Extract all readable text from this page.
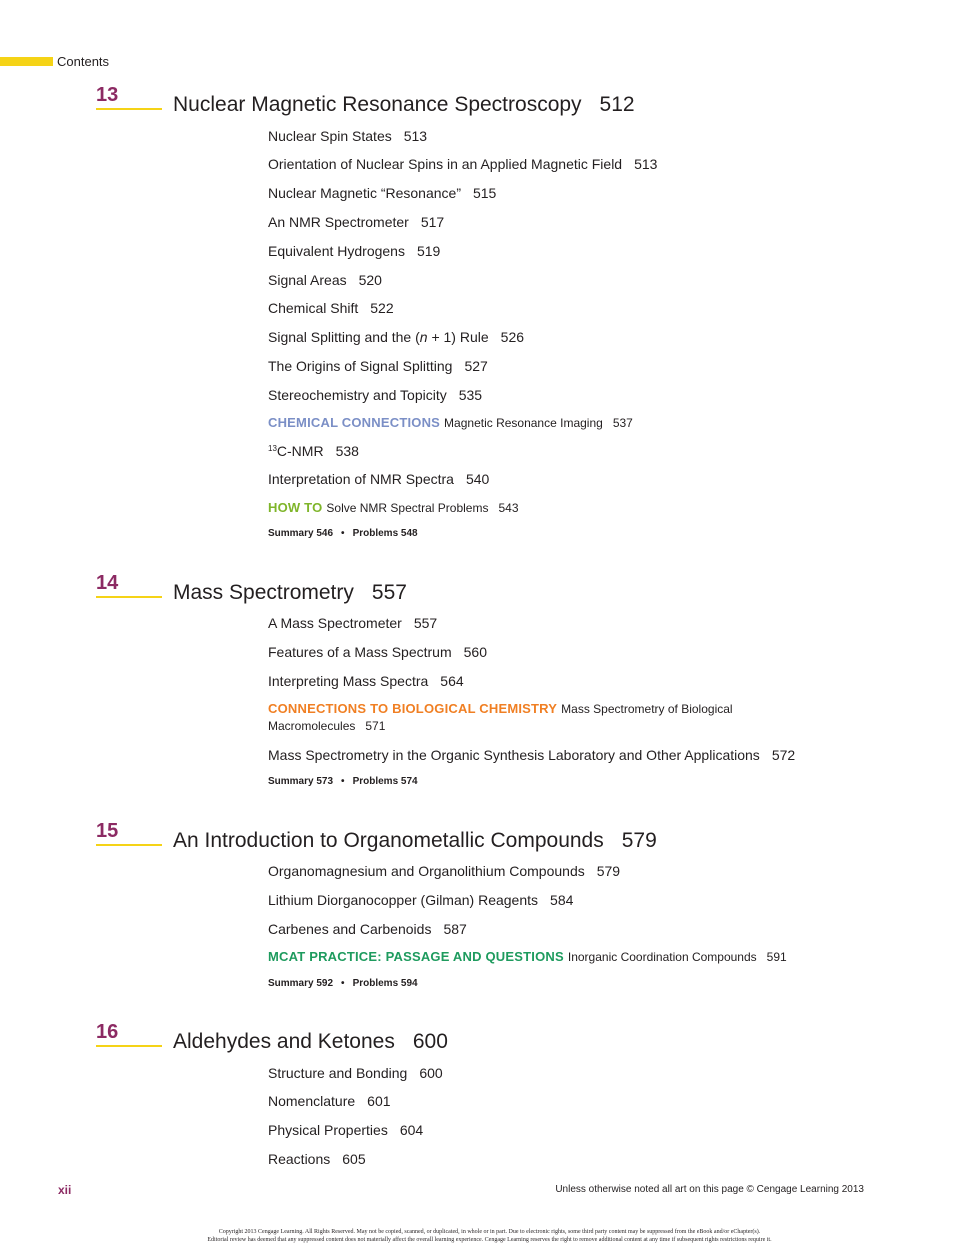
Contents
13	Nuclear Magnetic Resonance Spectroscopy 512
Nuclear Spin States 513
Orientation of Nuclear Spins in an Applied Magnetic Field 513
Nuclear Magnetic “Resonance” 515
An NMR Spectrometer 517
Equivalent Hydrogens 519
Signal Areas 520
Chemical Shift 522
Signal Splitting and the (n + 1) Rule 526
The Origins of Signal Splitting 527
Stereochemistry and Topicity 535
CHEMICAL CONNECTIONS Magnetic Resonance Imaging 537
$^{13}$C-NMR 538
Interpretation of NMR Spectra 540
HOW TO Solve NMR Spectral Problems 543
Summary 546 • Problems 548
14	Mass Spectrometry 557
A Mass Spectrometer 557
Features of a Mass Spectrum 560
Interpreting Mass Spectra 564
CONNECTIONS TO BIOLOGICAL CHEMISTRY Mass Spectrometry of Biological
Macromolecules 571
Mass Spectrometry in the Organic Synthesis Laboratory and Other Applications 572
Summary 573 • Problems 574
15	An Introduction to Organometallic Compounds 579
Organomagnesium and Organolithium Compounds 579
Lithium Diorganocopper (Gilman) Reagents 584
Carbenes and Carbenoids 587
MCAT PRACTICE: PASSAGE AND QUESTIONS Inorganic Coordination Compounds 591
Summary 592 • Problems 594
16	Aldehydes and Ketones 600
Structure and Bonding 600
Nomenclature 601
Physical Properties 604
Reactions 605
xii	Unless otherwise noted all art on this page © Cengage Learning 2013
Copyright 2013 Cengage Learning. All Rights Reserved. May not be copied, scanned, or duplicated, in whole or in part. Due to electronic rights, some third party content may be suppressed from the eBook and/or eChapter(s).
Editorial review has deemed that any suppressed content does not materially affect the overall learning experience. Cengage Learning reserves the right to remove additional content at any time if subsequent rights restrictions require it.
